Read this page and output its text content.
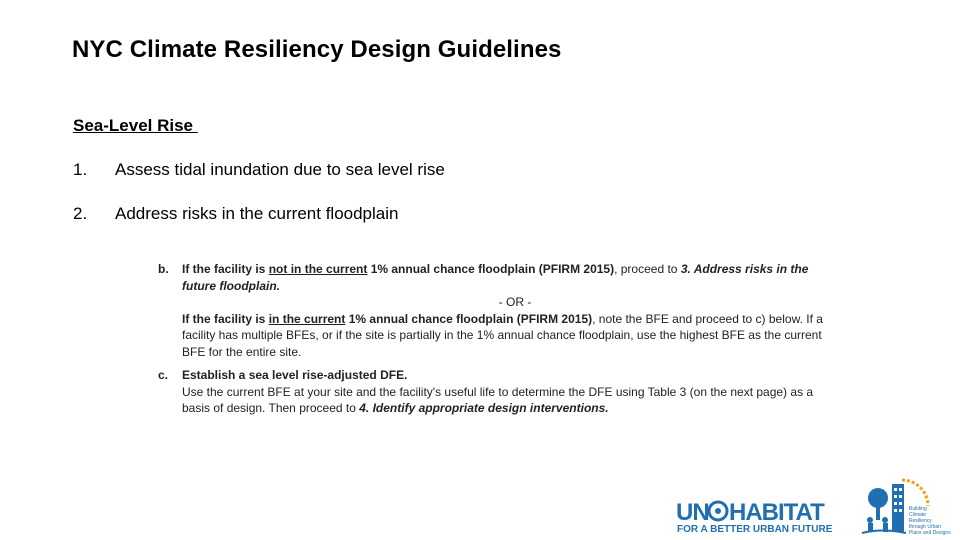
NYC Climate Resiliency Design Guidelines
Sea-Level Rise
1.	Assess tidal inundation due to sea level rise
2.	Address risks in the current floodplain
b.	If the facility is not in the current 1% annual chance floodplain (PFIRM 2015), proceed to 3. Address risks in the future floodplain.
- OR -
If the facility is in the current 1% annual chance floodplain (PFIRM 2015), note the BFE and proceed to c) below. If a facility has multiple BFEs, or if the site is partially in the 1% annual chance floodplain, use the highest BFE as the current BFE for the entire site.
c.	Establish a sea level rise-adjusted DFE.
Use the current BFE at your site and the facility's useful life to determine the DFE using Table 3 (on the next page) as a basis of design. Then proceed to 4. Identify appropriate design interventions.
UN HABITAT
FOR A BETTER URBAN FUTURE
Building
Climate
Resiliency
through Urban
Plans and Designs
